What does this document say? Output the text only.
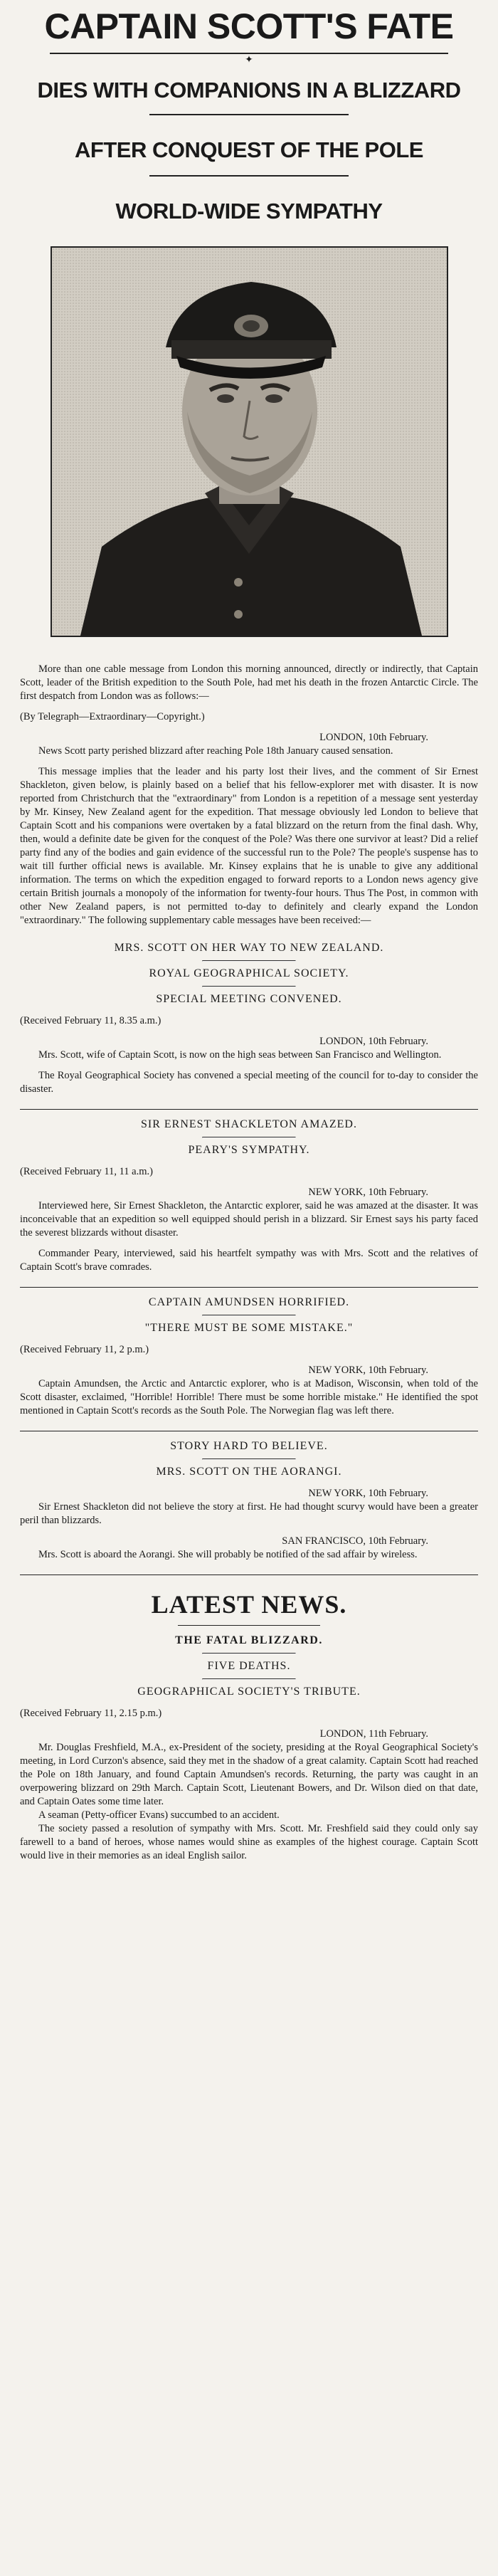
CAPTAIN SCOTT'S FATE
✦
DIES WITH COMPANIONS IN A BLIZZARD
AFTER CONQUEST OF THE POLE
WORLD-WIDE SYMPATHY

More than one cable message from London this morning announced, directly or indirectly, that Captain Scott, leader of the British expedition to the South Pole, had met his death in the frozen Antarctic Circle. The first despatch from London was as follows:—

(By Telegraph—Extraordinary—Copyright.)

LONDON, 10th February.

News Scott party perished blizzard after reaching Pole 18th January caused sensation.

This message implies that the leader and his party lost their lives, and the comment of Sir Ernest Shackleton, given below, is plainly based on a belief that his fellow-explorer met with disaster. It is now reported from Christchurch that the "extraordinary" from London is a repetition of a message sent yesterday by Mr. Kinsey, New Zealand agent for the expedition. That message obviously led London to believe that Captain Scott and his companions were overtaken by a fatal blizzard on the return from the final dash. Why, then, would a definite date be given for the conquest of the Pole? Was there one survivor at least? Did a relief party find any of the bodies and gain evidence of the successful run to the Pole? The people's suspense has to wait till further official news is available. Mr. Kinsey explains that he is unable to give any additional information. The terms on which the expedition engaged to forward reports to a London news agency give certain British journals a monopoly of the information for twenty-four hours. Thus The Post, in common with other New Zealand papers, is not permitted to-day to definitely and clearly expand the London "extraordinary." The following supplementary cable messages have been received:—

MRS. SCOTT ON HER WAY TO NEW ZEALAND.

ROYAL GEOGRAPHICAL SOCIETY.

SPECIAL MEETING CONVENED.

(Received February 11, 8.35 a.m.)

LONDON, 10th February.

Mrs. Scott, wife of Captain Scott, is now on the high seas between San Francisco and Wellington.

The Royal Geographical Society has convened a special meeting of the council for to-day to consider the disaster.

SIR ERNEST SHACKLETON AMAZED.

PEARY'S SYMPATHY.

(Received February 11, 11 a.m.)

NEW YORK, 10th February.

Interviewed here, Sir Ernest Shackleton, the Antarctic explorer, said he was amazed at the disaster. It was inconceivable that an expedition so well equipped should perish in a blizzard. Sir Ernest says his party faced the severest blizzards without disaster.

Commander Peary, interviewed, said his heartfelt sympathy was with Mrs. Scott and the relatives of Captain Scott's brave comrades.

CAPTAIN AMUNDSEN HORRIFIED.

"THERE MUST BE SOME MISTAKE."

(Received February 11, 2 p.m.)

NEW YORK, 10th February.

Captain Amundsen, the Arctic and Antarctic explorer, who is at Madison, Wisconsin, when told of the Scott disaster, exclaimed, "Horrible! Horrible! There must be some horrible mistake." He identified the spot mentioned in Captain Scott's records as the South Pole. The Norwegian flag was left there.

STORY HARD TO BELIEVE.

MRS. SCOTT ON THE AORANGI.

NEW YORK, 10th February.

Sir Ernest Shackleton did not believe the story at first. He had thought scurvy would have been a greater peril than blizzards.

SAN FRANCISCO, 10th February.

Mrs. Scott is aboard the Aorangi. She will probably be notified of the sad affair by wireless.

LATEST NEWS.

THE FATAL BLIZZARD.

FIVE DEATHS.

GEOGRAPHICAL SOCIETY'S TRIBUTE.

(Received February 11, 2.15 p.m.)

LONDON, 11th February.

Mr. Douglas Freshfield, M.A., ex-President of the society, presiding at the Royal Geographical Society's meeting, in Lord Curzon's absence, said they met in the shadow of a great calamity. Captain Scott had reached the Pole on 18th January, and found Captain Amundsen's records. Returning, the party was caught in an overpowering blizzard on 29th March. Captain Scott, Lieutenant Bowers, and Dr. Wilson died on that date, and Captain Oates some time later.

A seaman (Petty-officer Evans) succumbed to an accident.

The society passed a resolution of sympathy with Mrs. Scott. Mr. Freshfield said they could only say farewell to a band of heroes, whose names would shine as examples of the highest courage. Captain Scott would live in their memories as an ideal English sailor.
